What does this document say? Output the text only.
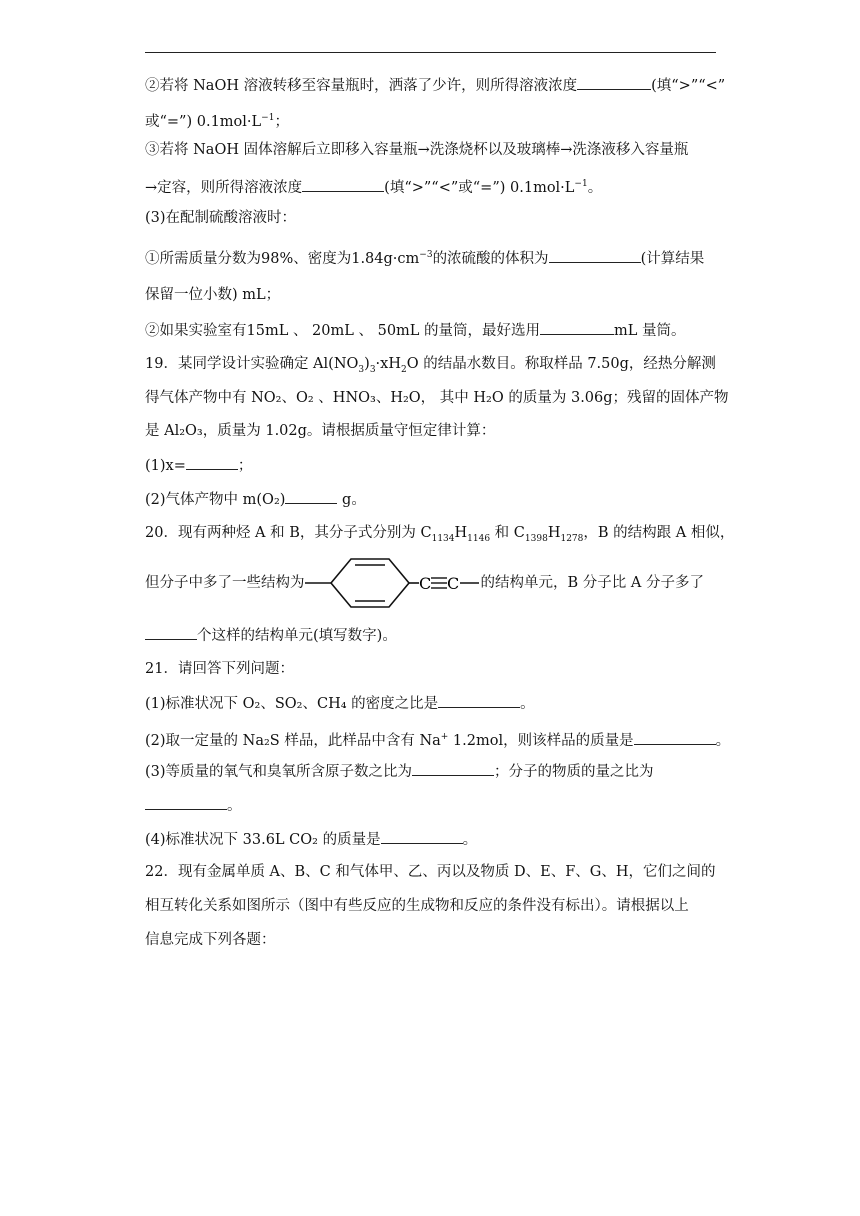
②若将 NaOH 溶液转移至容量瓶时，洒落了少许，则所得溶液浓度	(填“>”“<”
或“=”) $0.1mol\cdot L^{-1}$；
③若将 NaOH 固体溶解后立即移入容量瓶→洗涤烧杯以及玻璃棒→洗涤液移入容量瓶
→定容，则所得溶液浓度	(填“>”“<”或“=”) $0.1mol\cdot L^{-1}$。
(3)在配制硫酸溶液时：
①所需质量分数为98%、密度为$1.84g\cdot cm^{-3}$的浓硫酸的体积为	(计算结果
保留一位小数) mL；
②如果实验室有15mL 、 20mL 、 50mL 的量筒，最好选用	mL 量筒。
19．某同学设计实验确定 $Al(NO_3)_3\cdot xH_2O$ 的结晶水数目。称取样品 7.50g，经热分解测
得气体产物中有 NO₂、O₂ 、HNO₃、H₂O， 其中 H₂O 的质量为 3.06g；残留的固体产物
是 Al₂O₃，质量为 1.02g。请根据质量守恒定律计算：
(1)x=	；
(2)气体产物中 m(O₂)	g。
20．现有两种烃 A 和 B，其分子式分别为 $C_{1134}H_{1146}$ 和 $C_{1398}H_{1278}$，B 的结构跟 A 相似，
但分子中多了一些结构为	C C 的结构单元，B 分子比 A 分子多了
个这样的结构单元(填写数字)。
21．请回答下列问题：
(1)标准状况下 O₂、SO₂、CH₄ 的密度之比是	。
(2)取一定量的 Na₂S 样品，此样品中含有 Na+ 1.2mol，则该样品的质量是	。
(3)等质量的氧气和臭氧所含原子数之比为	；分子的物质的量之比为
。
(4)标准状况下 33.6L CO₂ 的质量是	。
22．现有金属单质 A、B、C 和气体甲、乙、丙以及物质 D、E、F、G、H，它们之间的
相互转化关系如图所示（图中有些反应的生成物和反应的条件没有标出）。请根据以上
信息完成下列各题：
